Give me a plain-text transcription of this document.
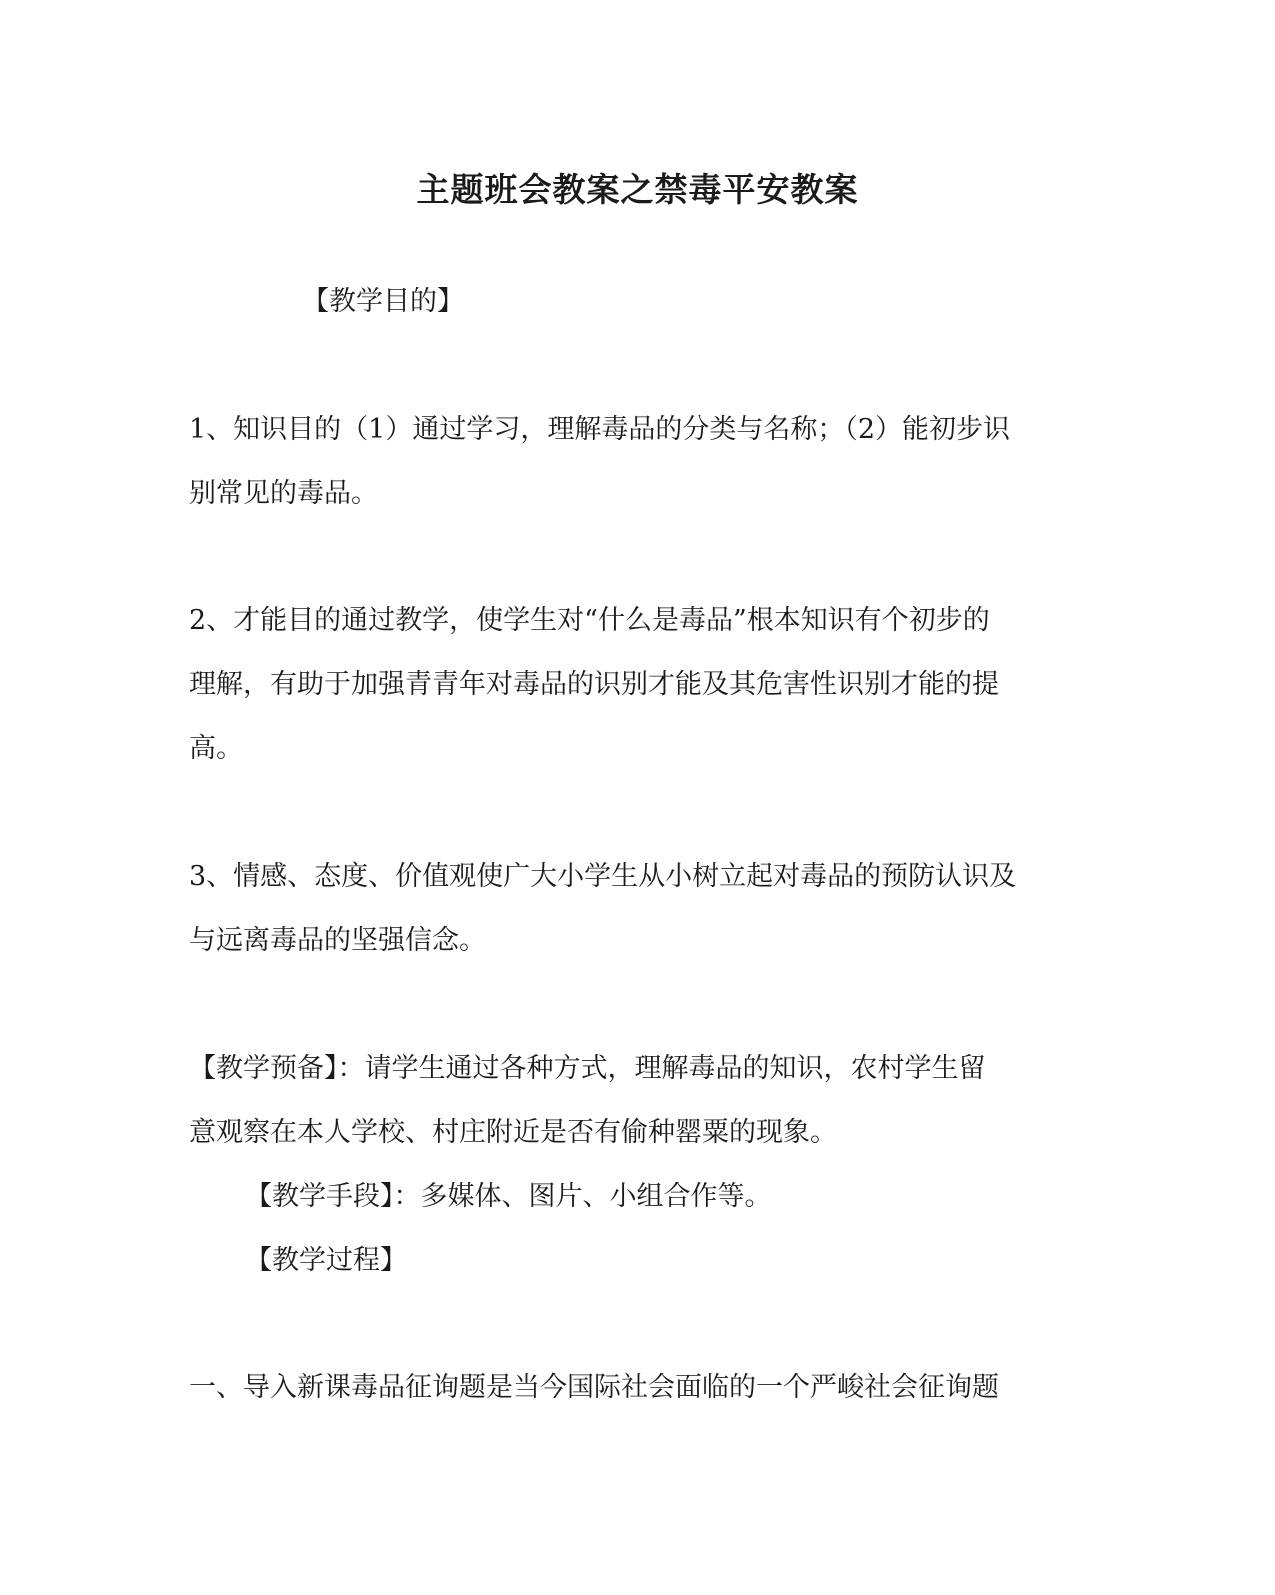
主题班会教案之禁毒平安教案
【教学目的】
1、知识目的（1）通过学习，理解毒品的分类与名称；（2）能初步识
别常见的毒品。
2、才能目的通过教学，使学生对“什么是毒品”根本知识有个初步的
理解，有助于加强青青年对毒品的识别才能及其危害性识别才能的提
高。
3、情感、态度、价值观使广大小学生从小树立起对毒品的预防认识及
与远离毒品的坚强信念。
【教学预备】：请学生通过各种方式，理解毒品的知识，农村学生留
意观察在本人学校、村庄附近是否有偷种罂粟的现象。
【教学手段】：多媒体、图片、小组合作等。
【教学过程】
一、导入新课毒品征询题是当今国际社会面临的一个严峻社会征询题
